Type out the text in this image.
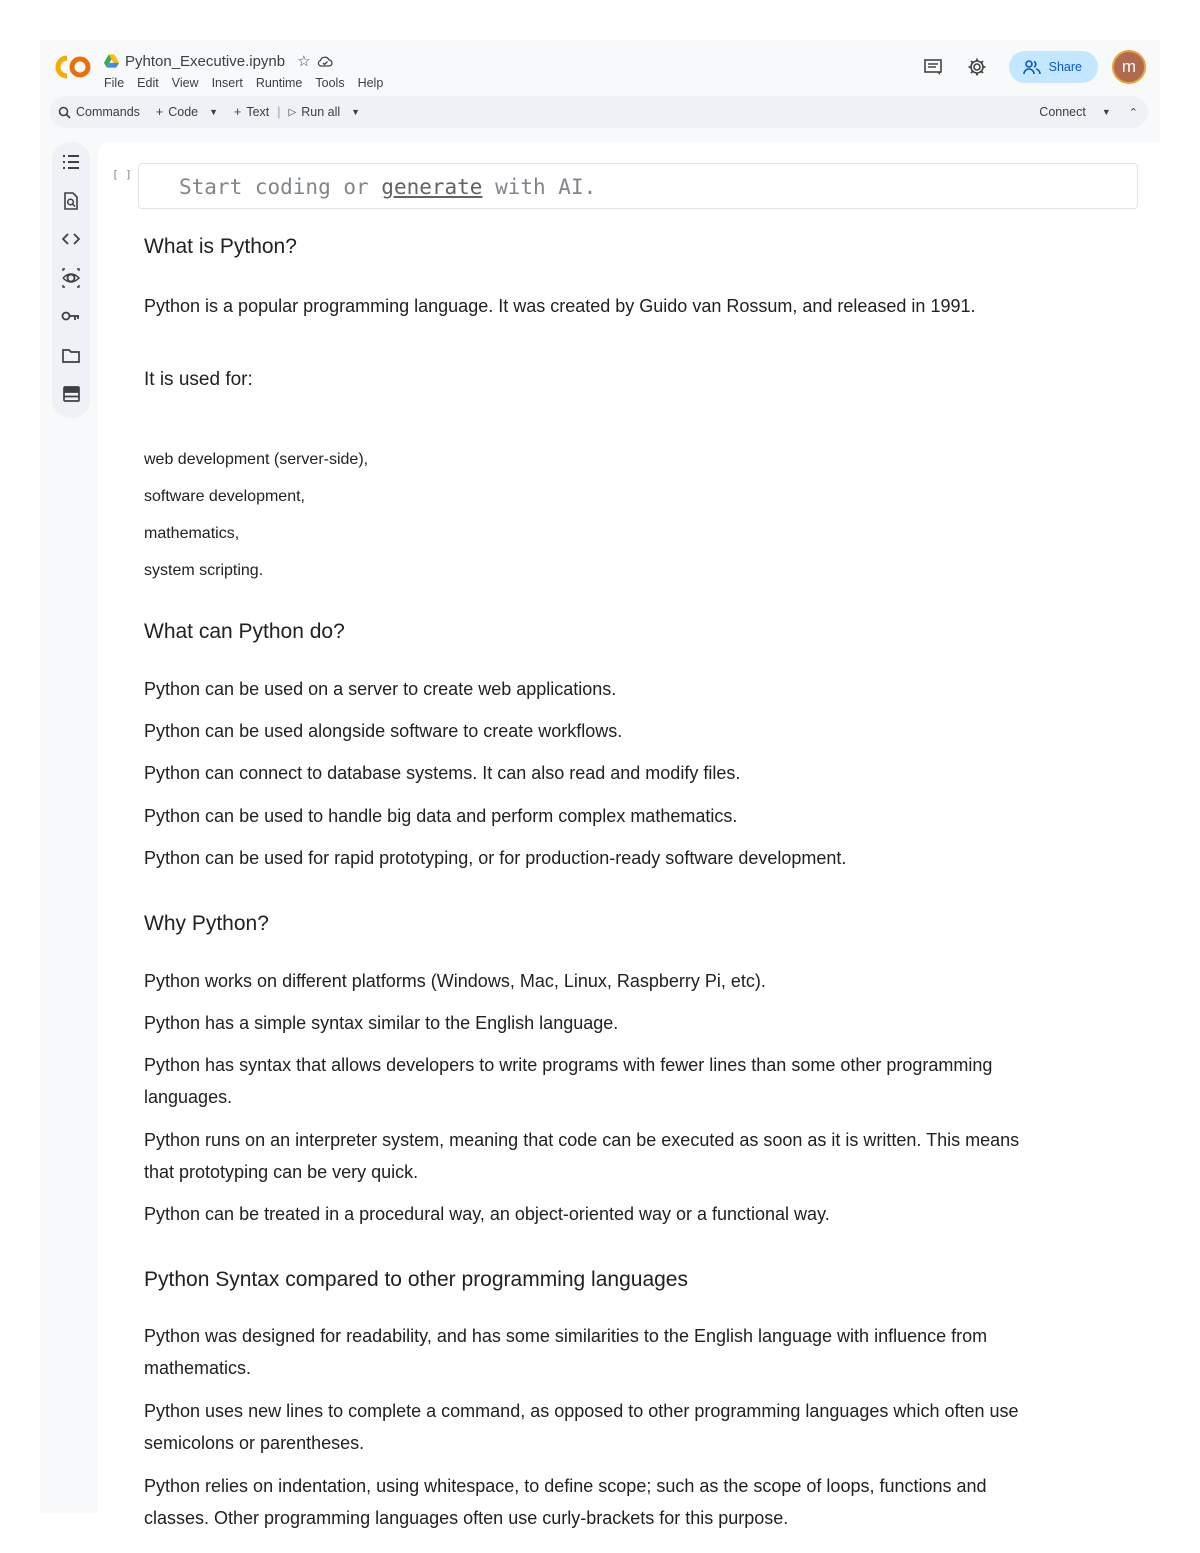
Pyhton_Executive.ipynb ☆
File Edit View Insert Runtime Tools Help
Share m
Commands + Code ▼ + Text | ▷ Run all ▼	Connect ▼ ⌃
[ ]
Start coding or generate with AI.
What is Python?
Python is a popular programming language. It was created by Guido van Rossum, and released in 1991.
It is used for:
web development (server-side),
software development,
mathematics,
system scripting.
What can Python do?
Python can be used on a server to create web applications.
Python can be used alongside software to create workflows.
Python can connect to database systems. It can also read and modify files.
Python can be used to handle big data and perform complex mathematics.
Python can be used for rapid prototyping, or for production-ready software development.
Why Python?
Python works on different platforms (Windows, Mac, Linux, Raspberry Pi, etc).
Python has a simple syntax similar to the English language.
Python has syntax that allows developers to write programs with fewer lines than some other programming languages.
Python runs on an interpreter system, meaning that code can be executed as soon as it is written. This means that prototyping can be very quick.
Python can be treated in a procedural way, an object-oriented way or a functional way.
Python Syntax compared to other programming languages
Python was designed for readability, and has some similarities to the English language with influence from mathematics.
Python uses new lines to complete a command, as opposed to other programming languages which often use semicolons or parentheses.
Python relies on indentation, using whitespace, to define scope; such as the scope of loops, functions and classes. Other programming languages often use curly-brackets for this purpose.
